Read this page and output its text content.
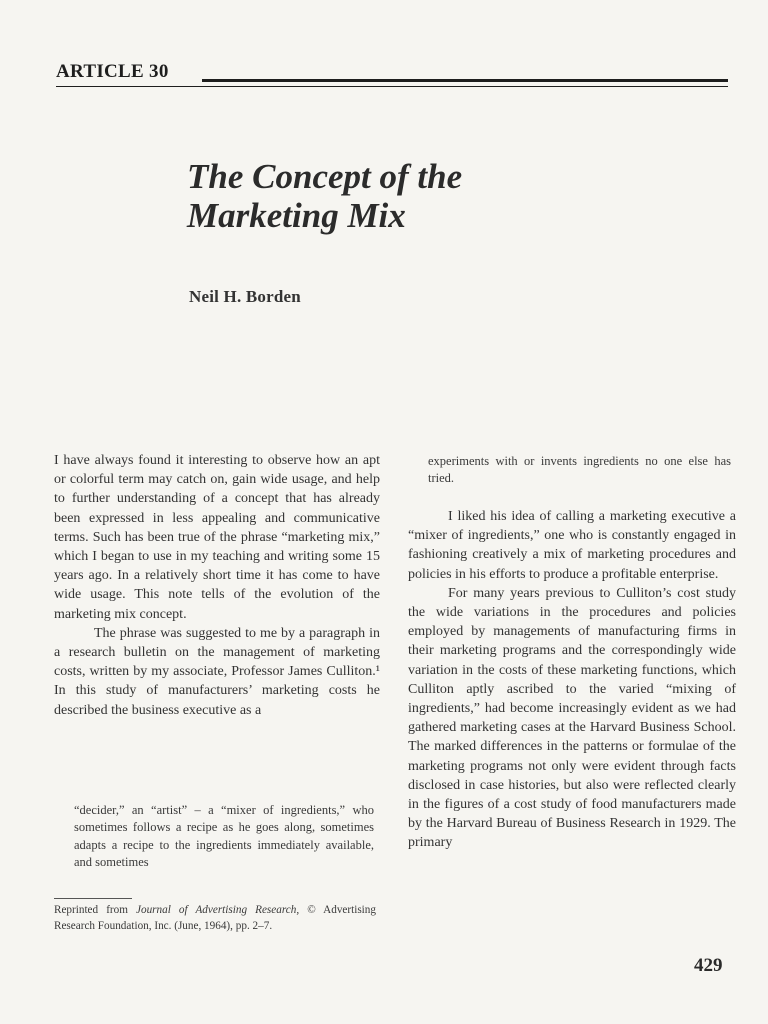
ARTICLE 30
The Concept of the
Marketing Mix
Neil H. Borden

I have always found it interesting to observe how an apt or colorful term may catch on, gain wide usage, and help to further understanding of a concept that has already been expressed in less appealing and communicative terms. Such has been true of the phrase “marketing mix,” which I began to use in my teaching and writing some 15 years ago. In a relatively short time it has come to have wide usage. This note tells of the evolution of the marketing mix concept.

The phrase was suggested to me by a paragraph in a research bulletin on the management of marketing costs, written by my associate, Professor James Culliton.¹ In this study of manufacturers’ marketing costs he described the business executive as a

“decider,” an “artist” – a “mixer of ingredients,” who sometimes follows a recipe as he goes along, sometimes adapts a recipe to the ingredients immediately available, and sometimes
Reprinted from Journal of Advertising Research, © Advertising Research Foundation, Inc. (June, 1964), pp. 2–7.
experiments with or invents ingredients no one else has tried.

I liked his idea of calling a marketing executive a “mixer of ingredients,” one who is constantly engaged in fashioning creatively a mix of marketing procedures and policies in his efforts to produce a profitable enterprise.

For many years previous to Culliton’s cost study the wide variations in the procedures and policies employed by managements of manufacturing firms in their marketing programs and the correspondingly wide variation in the costs of these marketing functions, which Culliton aptly ascribed to the varied “mixing of ingredients,” had become increasingly evident as we had gathered marketing cases at the Harvard Business School. The marked differences in the patterns or formulae of the marketing programs not only were evident through facts disclosed in case histories, but also were reflected clearly in the figures of a cost study of food manufacturers made by the Harvard Bureau of Business Research in 1929. The primary

429
